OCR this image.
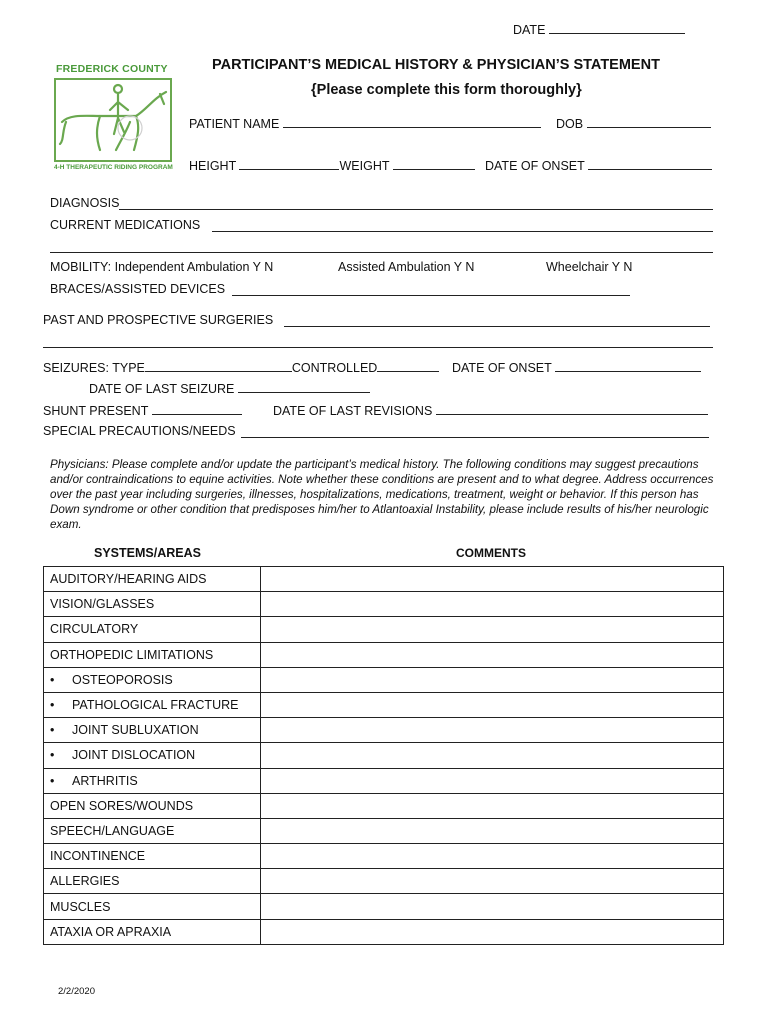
DATE
PARTICIPANT’S MEDICAL HISTORY & PHYSICIAN’S STATEMENT
{Please complete this form thoroughly}
FREDERICK COUNTY
4-H THERAPEUTIC RIDING PROGRAM
PATIENT NAME	DOB
HEIGHT	WEIGHT	DATE OF ONSET
DIAGNOSIS
CURRENT MEDICATIONS
MOBILITY: Independent Ambulation Y N	Assisted Ambulation Y N	Wheelchair Y N
BRACES/ASSISTED DEVICES
PAST AND PROSPECTIVE SURGERIES
SEIZURES: TYPE	CONTROLLED	DATE OF ONSET
DATE OF LAST SEIZURE
SHUNT PRESENT	DATE OF LAST REVISIONS
SPECIAL PRECAUTIONS/NEEDS
Physicians: Please complete and/or update the participant’s medical history. The following conditions may suggest precautions and/or contraindications to equine activities. Note whether these conditions are present and to what degree. Address occurrences over the past year including surgeries, illnesses, hospitalizations, medications, treatment, weight or behavior. If this person has Down syndrome or other condition that predisposes him/her to Atlantoaxial Instability, please include results of his/her neurologic exam.
SYSTEMS/AREAS	COMMENTS
AUDITORY/HEARING AIDS	
VISION/GLASSES	
CIRCULATORY	
ORTHOPEDIC LIMITATIONS	
• OSTEOPOROSIS	
• PATHOLOGICAL FRACTURE	
• JOINT SUBLUXATION	
• JOINT DISLOCATION	
• ARTHRITIS	
OPEN SORES/WOUNDS	
SPEECH/LANGUAGE	
INCONTINENCE	
ALLERGIES	
MUSCLES	
ATAXIA OR APRAXIA	
2/2/2020
